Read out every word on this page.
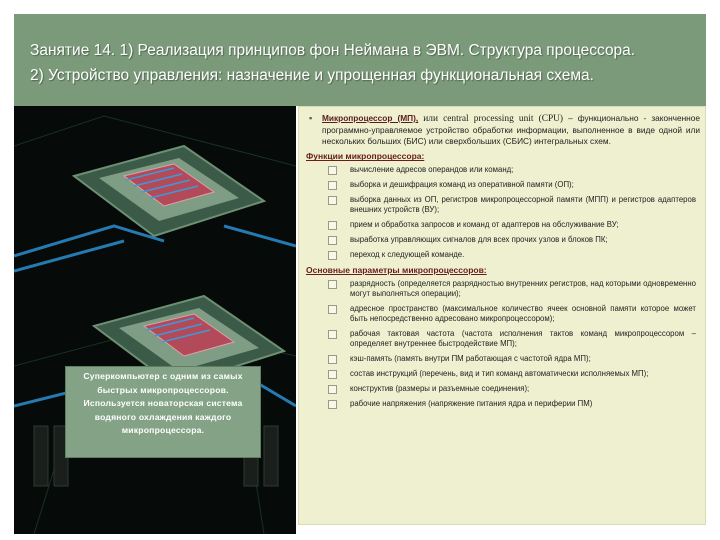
Занятие 14. 1) Реализация принципов фон Неймана в ЭВМ. Структура процессора.
2) Устройство управления: назначение и упрощенная функциональная схема.
Суперкомпьютер с одним из самых быстрых микропроцессоров. Используется новаторская система водяного охлаждения каждого микропроцессора.
▪ Микропроцессор (МП), или central processing unit (CPU) – функционально - законченное программно-управляемое устройство обработки информации, выполненное в виде одной или нескольких больших (БИС) или сверхбольших (СБИС) интегральных схем.
Функции микропроцессора:
вычисление адресов операндов или команд;
выборка и дешифрация команд из оперативной памяти (ОП);
выборка данных из ОП, регистров микропроцессорной памяти (МПП) и регистров адаптеров внешних устройств (ВУ);
прием и обработка запросов и команд от адаптеров на обслуживание ВУ;
выработка управляющих сигналов для всех прочих узлов и блоков ПК;
переход к следующей команде.
Основные параметры микропроцессоров:
разрядность (определяется разрядностью внутренних регистров, над которыми одновременно могут выполняться операции);
адресное пространство (максимальное количество ячеек основной памяти которое может быть непосредственно адресовано микропроцессором);
рабочая тактовая частота (частота исполнения тактов команд микропроцессором – определяет внутреннее быстродействие МП);
кэш-память (память внутри ПМ работающая с частотой ядра МП);
состав инструкций (перечень, вид и тип команд автоматически исполняемых МП);
конструктив (размеры и разъемные соединения);
рабочие напряжения (напряжение питания ядра и периферии ПМ)
